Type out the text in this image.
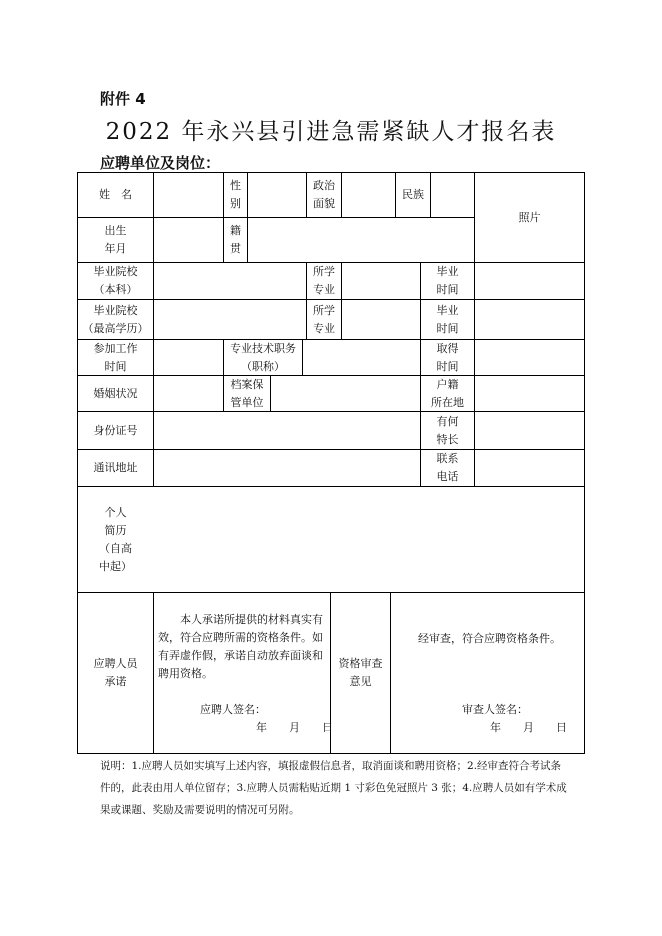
附件 4
2022 年永兴县引进急需紧缺人才报名表
应聘单位及岗位：
姓　名
性
别
政治
面貌
民族
照片
出生
年月
籍
贯
毕业院校
（本科）
所学
专业
毕业
时间
毕业院校
（最高学历）
所学
专业
毕业
时间
参加工作
时间
专业技术职务
（职称）
取得
时间
婚姻状况
档案保
管单位
户籍
所在地
身份证号
有何
特长
通讯地址
联系
电话
个人
简历
（自高
中起）
应聘人员
承诺
本人承诺所提供的材料真实有效，符合应聘所需的资格条件。如有弄虚作假，承诺自动放弃面谈和聘用资格。
应聘人签名：
年　　月　　日
资格审查
意见
经审查，符合应聘资格条件。
审查人签名：
年　　月　　日
说明：1.应聘人员如实填写上述内容，填报虚假信息者，取消面谈和聘用资格；2.经审查符合考试条件的，此表由用人单位留存；3.应聘人员需粘贴近期 1 寸彩色免冠照片 3 张；4.应聘人员如有学术成果或课题、奖励及需要说明的情况可另附。
